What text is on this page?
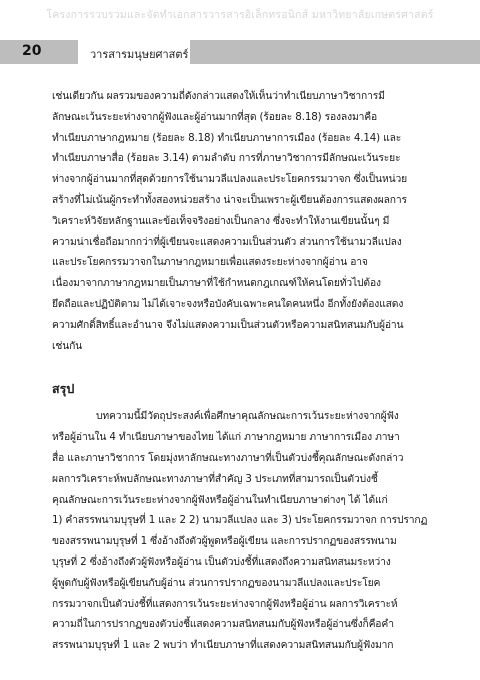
โครงการรวบรวมและจัดทำเอกสารวารสารอิเล็กทรอนิกส์ มหาวิทยาลัยเกษตรศาสตร์
20	วารสารมนุษยศาสตร์
เช่นเดียวกัน ผลรวมของความถี่ดังกล่าวแสดงให้เห็นว่าทำเนียบภาษาวิชาการมี
ลักษณะเว้นระยะห่างจากผู้ฟังและผู้อ่านมากที่สุด (ร้อยละ 8.18) รองลงมาคือ
ทำเนียบภาษากฎหมาย (ร้อยละ 8.18) ทำเนียบภาษาการเมือง (ร้อยละ 4.14) และ
ทำเนียบภาษาสื่อ (ร้อยละ 3.14) ตามลำดับ การที่ภาษาวิชาการมีลักษณะเว้นระยะ
ห่างจากผู้อ่านมากที่สุดด้วยการใช้นามวลีแปลงและประโยคกรรมวาจก ซึ่งเป็นหน่วย
สร้างที่ไม่เน้นผู้กระทำทั้งสองหน่วยสร้าง น่าจะเป็นเพราะผู้เขียนต้องการแสดงผลการ
วิเคราะห์วิจัยหลักฐานและข้อเท็จจริงอย่างเป็นกลาง ซึ่งจะทำให้งานเขียนนั้นๆ มี
ความน่าเชื่อถือมากกว่าที่ผู้เขียนจะแสดงความเป็นส่วนตัว ส่วนการใช้นามวลีแปลง
และประโยคกรรมวาจกในภาษากฎหมายเพื่อแสดงระยะห่างจากผู้อ่าน อาจ
เนื่องมาจากภาษากฎหมายเป็นภาษาที่ใช้กำหนดกฎเกณฑ์ให้คนโดยทั่วไปต้อง
ยึดถือและปฏิบัติตาม ไม่ได้เจาะจงหรือบังคับเฉพาะคนใดคนหนึ่ง อีกทั้งยังต้องแสดง
ความศักดิ์สิทธิ์และอำนาจ จึงไม่แสดงความเป็นส่วนตัวหรือความสนิทสนมกับผู้อ่าน
เช่นกัน
สรุป
บทความนี้มีวัตถุประสงค์เพื่อศึกษาคุณลักษณะการเว้นระยะห่างจากผู้ฟัง
หรือผู้อ่านใน 4 ทำเนียบภาษาของไทย ได้แก่ ภาษากฎหมาย ภาษาการเมือง ภาษา
สื่อ และภาษาวิชาการ โดยมุ่งหาลักษณะทางภาษาที่เป็นตัวบ่งชี้คุณลักษณะดังกล่าว
ผลการวิเคราะห์พบลักษณะทางภาษาที่สำคัญ 3 ประเภทที่สามารถเป็นตัวบ่งชี้
คุณลักษณะการเว้นระยะห่างจากผู้ฟังหรือผู้อ่านในทำเนียบภาษาต่างๆ ได้ ได้แก่
1) คำสรรพนามบุรุษที่ 1 และ 2 2) นามวลีแปลง และ 3) ประโยคกรรมวาจก การปรากฏ
ของสรรพนามบุรุษที่ 1 ซึ่งอ้างถึงตัวผู้พูดหรือผู้เขียน และการปรากฏของสรรพนาม
บุรุษที่ 2 ซึ่งอ้างถึงตัวผู้ฟังหรือผู้อ่าน เป็นตัวบ่งชี้ที่แสดงถึงความสนิทสนมระหว่าง
ผู้พูดกับผู้ฟังหรือผู้เขียนกับผู้อ่าน ส่วนการปรากฏของนามวลีแปลงและประโยค
กรรมวาจกเป็นตัวบ่งชี้ที่แสดงการเว้นระยะห่างจากผู้ฟังหรือผู้อ่าน ผลการวิเคราะห์
ความถี่ในการปรากฏของตัวบ่งชี้แสดงความสนิทสนมกับผู้ฟังหรือผู้อ่านซึ่งก็คือคำ
สรรพนามบุรุษที่ 1 และ 2 พบว่า ทำเนียบภาษาที่แสดงความสนิทสนมกับผู้ฟังมาก
